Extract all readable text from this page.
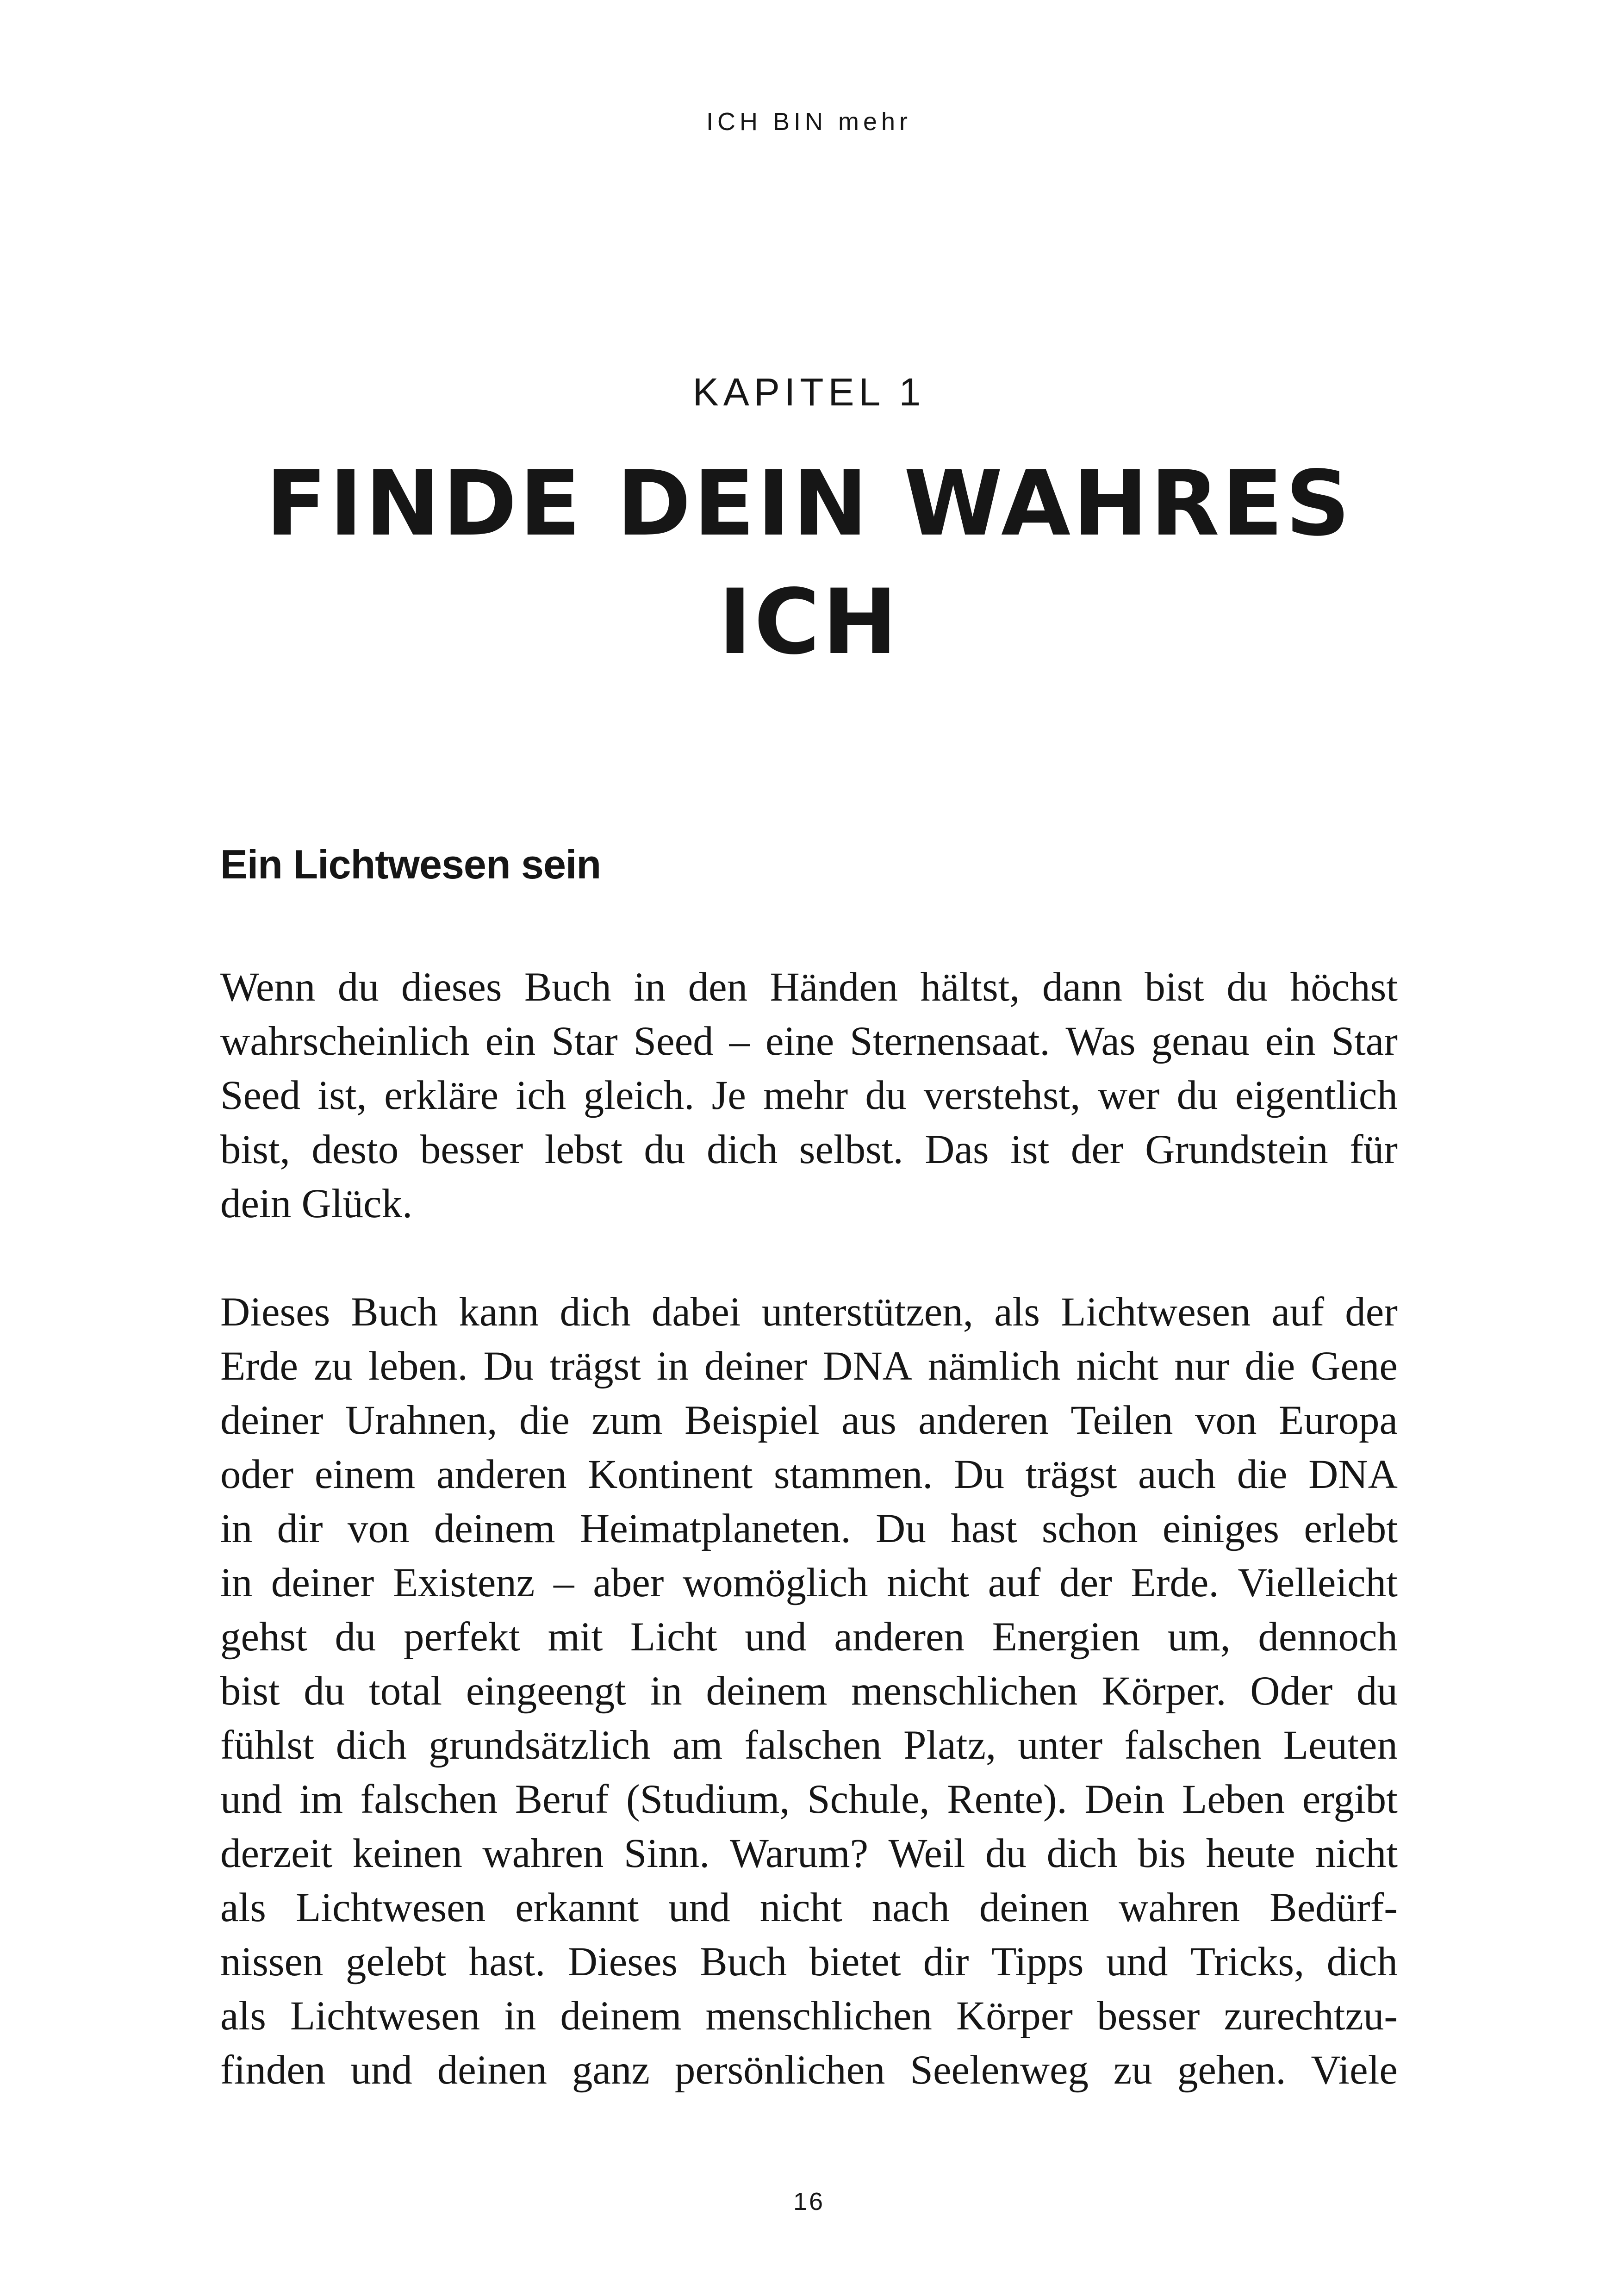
ICH BIN mehr
KAPITEL 1
FINDE DEIN WAHRES ICH
Ein Lichtwesen sein
Wenn du dieses Buch in den Händen hältst, dann bist du höchst
wahrscheinlich ein Star Seed – eine Sternensaat. Was genau ein Star
Seed ist, erkläre ich gleich. Je mehr du verstehst, wer du eigentlich
bist, desto besser lebst du dich selbst. Das ist der Grundstein für
dein Glück.
Dieses Buch kann dich dabei unterstützen, als Lichtwesen auf der
Erde zu leben. Du trägst in deiner DNA nämlich nicht nur die Gene
deiner Urahnen, die zum Beispiel aus anderen Teilen von Europa
oder einem anderen Kontinent stammen. Du trägst auch die DNA
in dir von deinem Heimatplaneten. Du hast schon einiges erlebt
in deiner Existenz – aber womöglich nicht auf der Erde. Vielleicht
gehst du perfekt mit Licht und anderen Energien um, dennoch
bist du total eingeengt in deinem menschlichen Körper. Oder du
fühlst dich grundsätzlich am falschen Platz, unter falschen Leuten
und im falschen Beruf (Studium, Schule, Rente). Dein Leben ergibt
derzeit keinen wahren Sinn. Warum? Weil du dich bis heute nicht
als Lichtwesen erkannt und nicht nach deinen wahren Bedürf-
nissen gelebt hast. Dieses Buch bietet dir Tipps und Tricks, dich
als Lichtwesen in deinem menschlichen Körper besser zurechtzu-
finden und deinen ganz persönlichen Seelenweg zu gehen. Viele
16
